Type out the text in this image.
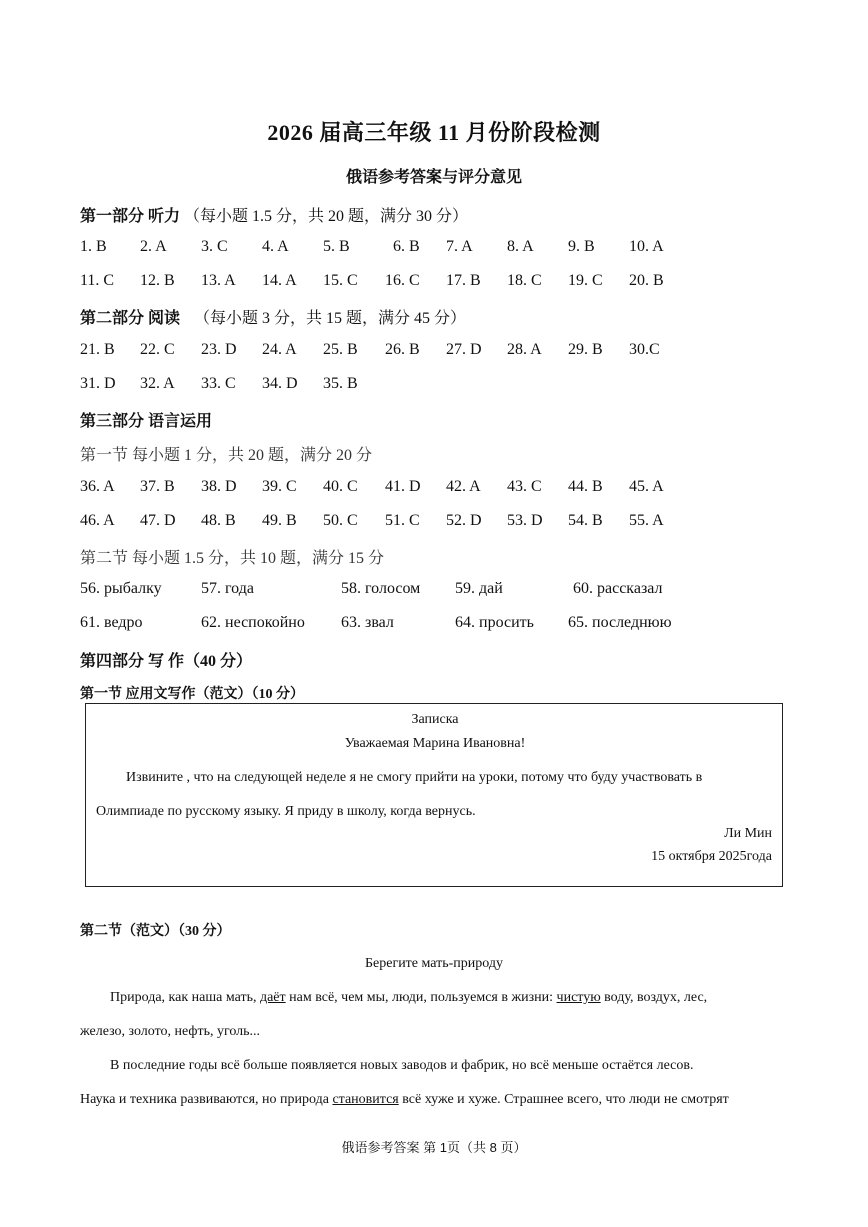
2026 届高三年级 11 月份阶段检测
俄语参考答案与评分意见
第一部分 听力 （每小题 1.5 分，共 20 题，满分 30 分）
1. B 2. A 3. C 4. A 5. B	6. B 7. A 8. A 9. B 10. A
11. C 12. B 13. A 14. A 15. C 16. C 17. B 18. C 19. C 20. B
第二部分 阅读 （每小题 3 分，共 15 题，满分 45 分）
21. B 22. C 23. D 24. A 25. B 26. B 27. D 28. A 29. B 30.C
31. D 32. A 33. C 34. D 35. B
第三部分 语言运用
第一节 每小题 1 分，共 20 题，满分 20 分
36. A 37. B 38. D 39. C 40. C 41. D 42. A 43. C 44. B 45. A
46. A 47. D 48. B 49. B 50. C 51. C 52. D 53. D 54. B 55. A
第二节 每小题 1.5 分，共 10 题，满分 15 分
56. рыбалку 57. года	58. голосом 59. дай	60. рассказал
61. ведро	62. неспокойно 63. звал	64. просить 65. последнюю
第四部分 写 作（40 分）
第一节 应用文写作（范文）（10 分）
Записка
Уважаемая Марина Ивановна!
Извините , что на следующей неделе я не смогу прийти на уроки, потому что буду участвовать в
Олимпиаде по русскому языку. Я приду в школу, когда вернусь.
Ли Мин
15 октября 2025года
第二节（范文）（30 分）
Берегите мать-природу
Природа, как наша мать, даёт нам всё, чем мы, люди, пользуемся в жизни: чистую воду, воздух, лес,
железо, золото, нефть, уголь...
В последние годы всё больше появляется новых заводов и фабрик, но всё меньше остаётся лесов.
Наука и техника развиваются, но природа становится всё хуже и хуже. Страшнее всего, что люди не смотрят
俄语参考答案 第 1页（共 8 页）
